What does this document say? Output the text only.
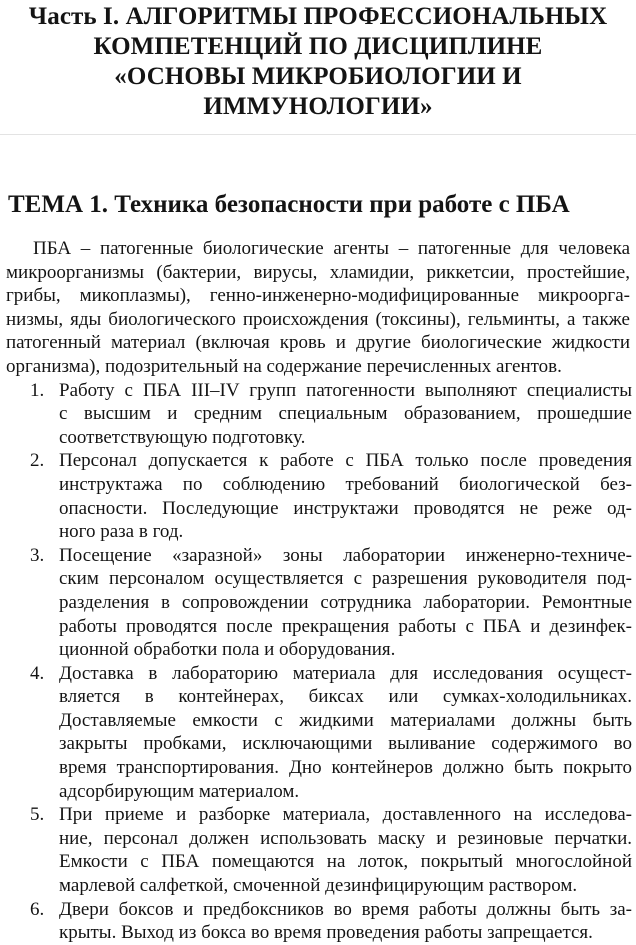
Часть I. АЛГОРИТМЫ ПРОФЕССИОНАЛЬНЫХ
КОМПЕТЕНЦИЙ ПО ДИСЦИПЛИНЕ
«ОСНОВЫ МИКРОБИОЛОГИИ И
ИММУНОЛОГИИ»
ТЕМА 1. Техника безопасности при работе с ПБА
ПБА – патогенные биологические агенты – патогенные для человека
микроорганизмы (бактерии, вирусы, хламидии, риккетсии, простейшие,
грибы, микоплазмы), генно-инженерно-модифицированные микроорга-
низмы, яды биологического происхождения (токсины), гельминты, а также
патогенный материал (включая кровь и другие биологические жидкости
организма), подозрительный на содержание перечисленных агентов.
1. Работу с ПБА III–IV групп патогенности выполняют специалисты
с высшим и средним специальным образованием, прошедшие
соответствующую подготовку.
2. Персонал допускается к работе с ПБА только после проведения
инструктажа по соблюдению требований биологической без-
опасности. Последующие инструктажи проводятся не реже од-
ного раза в год.
3. Посещение «заразной» зоны лаборатории инженерно-техниче-
ским персоналом осуществляется с разрешения руководителя под-
разделения в сопровождении сотрудника лаборатории. Ремонтные
работы проводятся после прекращения работы с ПБА и дезинфек-
ционной обработки пола и оборудования.
4. Доставка в лабораторию материала для исследования осущест-
вляется в контейнерах, биксах или сумках-холодильниках.
Доставляемые емкости с жидкими материалами должны быть
закрыты пробками, исключающими выливание содержимого во
время транспортирования. Дно контейнеров должно быть покрыто
адсорбирующим материалом.
5. При приеме и разборке материала, доставленного на исследова-
ние, персонал должен использовать маску и резиновые перчатки.
Емкости с ПБА помещаются на лоток, покрытый многослойной
марлевой салфеткой, смоченной дезинфицирующим раствором.
6. Двери боксов и предбоксников во время работы должны быть за-
крыты. Выход из бокса во время проведения работы запрещается.
